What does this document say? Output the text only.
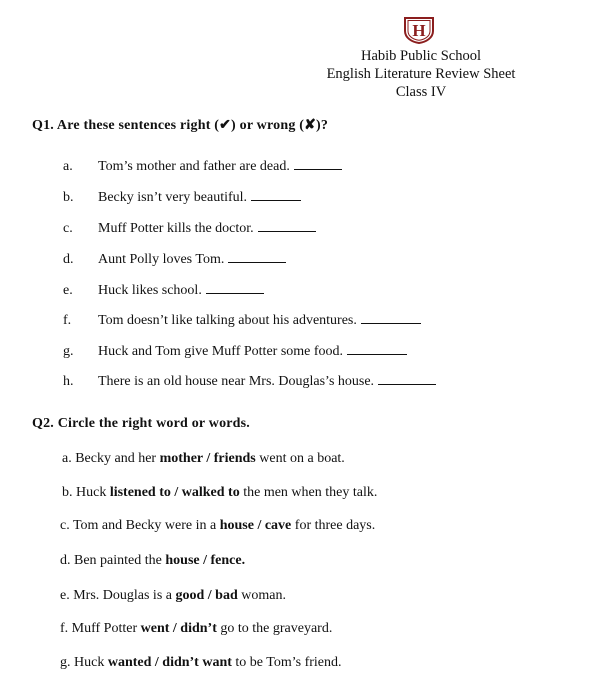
H
Habib Public School
English Literature Review Sheet
Class IV
Q1. Are these sentences right (✔) or wrong (✘)?
a. Tom’s mother and father are dead.
b. Becky isn’t very beautiful.
c. Muff Potter kills the doctor.
d. Aunt Polly loves Tom.
e. Huck likes school.
f. Tom doesn’t like talking about his adventures.
g. Huck and Tom give Muff Potter some food.
h. There is an old house near Mrs. Douglas’s house.
Q2. Circle the right word or words.
a. Becky and her mother / friends went on a boat.
b. Huck listened to / walked to the men when they talk.
c. Tom and Becky were in a house / cave for three days.
d. Ben painted the house / fence.
e. Mrs. Douglas is a good / bad woman.
f. Muff Potter went / didn’t go to the graveyard.
g. Huck wanted / didn’t want to be Tom’s friend.
